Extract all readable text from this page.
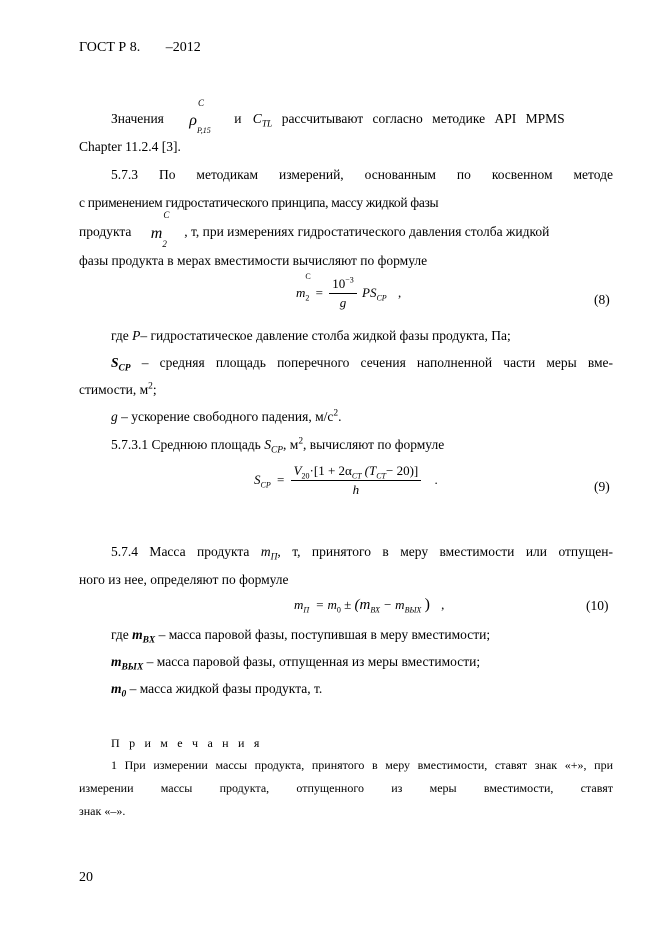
ГОСТ Р 8. –2012
Значения ρ
C
$_{P,15}$ и $C_{TL}$ рассчитывают согласно методике API MPMS
Chapter 11.2.4 [3].
5.7.3 По методикам измерений, основанным по косвенном методе
с применением гидростатического принципа, массу жидкой фазы
продукта m
C
$_2$ , т, при измерениях гидростатического давления столба жидкой
фазы продукта в мерах вместимости вычисляют по формуле
m
С
$_2 = \frac{10^{-3}}{g} PS_{СР}$ ,	(8)
где P– гидростатическое давление столба жидкой фазы продукта, Па;
$S_{CP}$ – средняя площадь поперечного сечения наполненной части меры вме-
стимости, $м^2$;
g – ускорение свободного падения, $м/с^2$.
5.7.3.1 Среднюю площадь $S_{CP}$, $м^2$, вычисляют по формуле
$S_{СР} = \frac{V_{20}\cdot[1 + 2\alpha_{СТ} (T_{СТ}- 20)]}{h}$ .	(9)
5.7.4 Масса продукта $m_П$, т, принятого в меру вместимости или отпущен-
ного из нее, определяют по формуле
$m_П = m_0 \pm (m_{ВХ} - m_{ВЫХ}$ ) ,	(10)
где $m_{BX}$ – масса паровой фазы, поступившая в меру вместимости;
$m_{ВЫХ}$ – масса паровой фазы, отпущенная из меры вместимости;
$m_0$ – масса жидкой фазы продукта, т.
П р и м е ч а н и я
1 При измерении массы продукта, принятого в меру вместимости, ставят знак «+», при
измерении массы продукта, отпущенного из меры вместимости, ставят
знак «–».
20
